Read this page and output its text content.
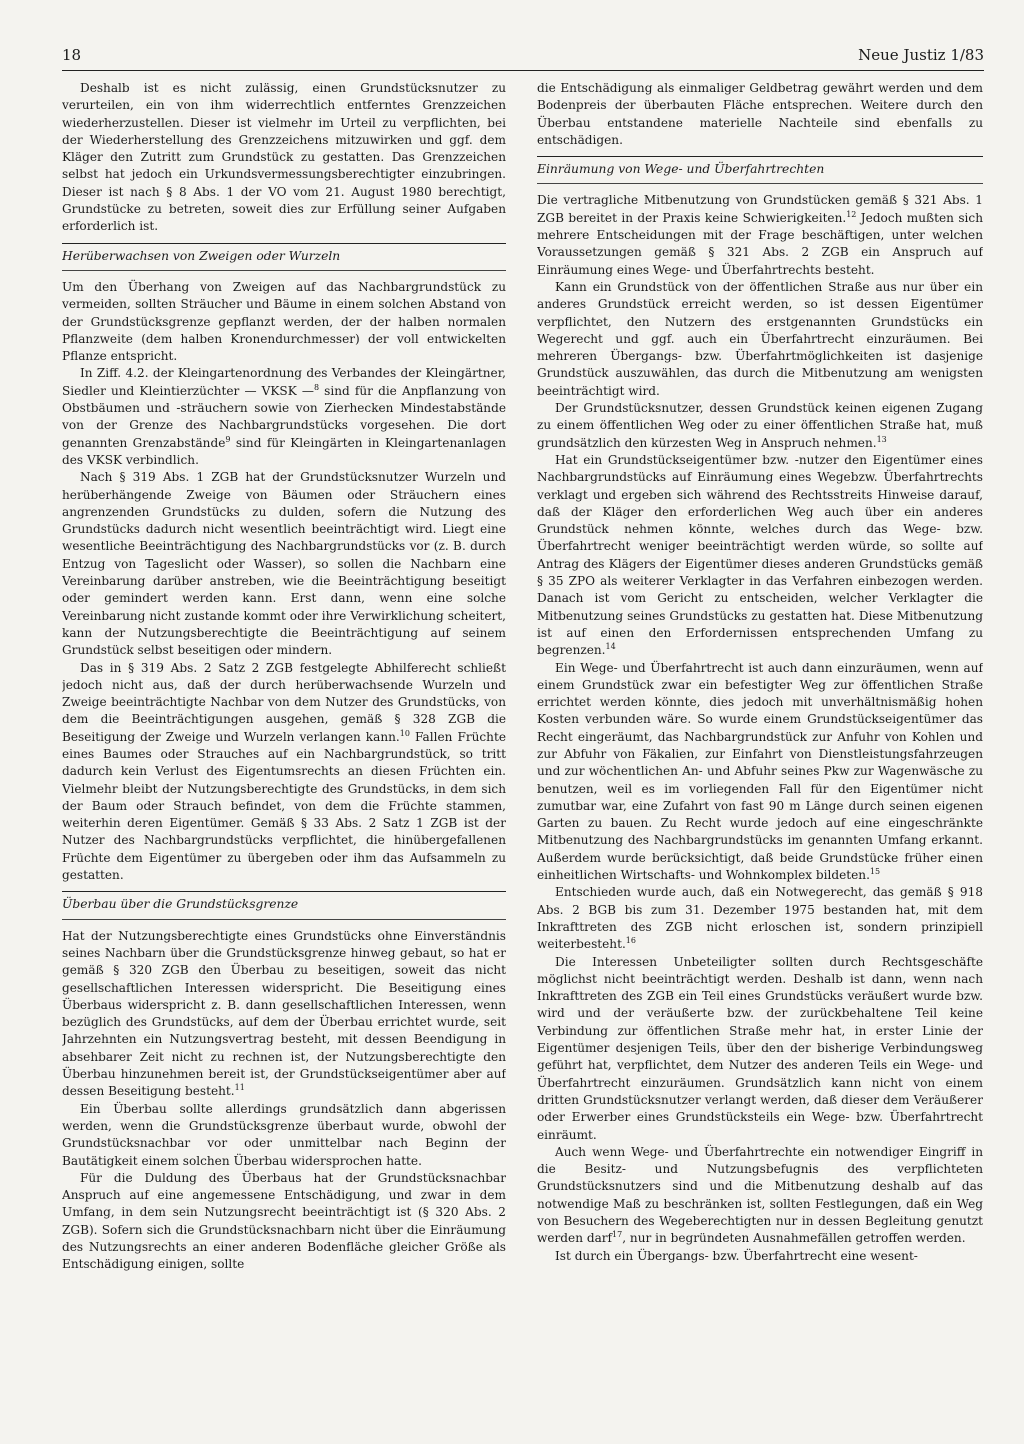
18	Neue Justiz 1/83

Deshalb ist es nicht zulässig, einen Grundstücksnutzer zu verurteilen, ein von ihm widerrechtlich entferntes Grenzzeichen wiederherzustellen. Dieser ist vielmehr im Urteil zu verpflichten, bei der Wiederherstellung des Grenzzeichens mitzuwirken und ggf. dem Kläger den Zutritt zum Grundstück zu gestatten. Das Grenzzeichen selbst hat jedoch ein Urkundsvermessungsberechtigter einzubringen. Dieser ist nach § 8 Abs. 1 der VO vom 21. August 1980 berechtigt, Grundstücke zu betreten, soweit dies zur Erfüllung seiner Aufgaben erforderlich ist.

Herüberwachsen von Zweigen oder Wurzeln

Um den Überhang von Zweigen auf das Nachbargrundstück zu vermeiden, sollten Sträucher und Bäume in einem solchen Abstand von der Grundstücksgrenze gepflanzt werden, der der halben normalen Pflanzweite (dem halben Kronendurchmesser) der voll entwickelten Pflanze entspricht.

In Ziff. 4.2. der Kleingartenordnung des Verbandes der Kleingärtner, Siedler und Kleintierzüchter — VKSK —$^8$ sind für die Anpflanzung von Obstbäumen und -sträuchern sowie von Zierhecken Mindestabstände von der Grenze des Nachbargrundstücks vorgesehen. Die dort genannten Grenzabstände$^9$ sind für Kleingärten in Kleingartenanlagen des VKSK verbindlich.

Nach § 319 Abs. 1 ZGB hat der Grundstücksnutzer Wurzeln und herüberhängende Zweige von Bäumen oder Sträuchern eines angrenzenden Grundstücks zu dulden, sofern die Nutzung des Grundstücks dadurch nicht wesentlich beeinträchtigt wird. Liegt eine wesentliche Beeinträchtigung des Nachbargrundstücks vor (z. B. durch Entzug von Tageslicht oder Wasser), so sollen die Nachbarn eine Vereinbarung darüber anstreben, wie die Beeinträchtigung beseitigt oder gemindert werden kann. Erst dann, wenn eine solche Vereinbarung nicht zustande kommt oder ihre Verwirklichung scheitert, kann der Nutzungsberechtigte die Beeinträchtigung auf seinem Grundstück selbst beseitigen oder mindern.

Das in § 319 Abs. 2 Satz 2 ZGB festgelegte Abhilferecht schließt jedoch nicht aus, daß der durch herüberwachsende Wurzeln und Zweige beeinträchtigte Nachbar von dem Nutzer des Grundstücks, von dem die Beeinträchtigungen ausgehen, gemäß § 328 ZGB die Beseitigung der Zweige und Wurzeln verlangen kann.$^{10}$ Fallen Früchte eines Baumes oder Strauches auf ein Nachbargrundstück, so tritt dadurch kein Verlust des Eigentumsrechts an diesen Früchten ein. Vielmehr bleibt der Nutzungsberechtigte des Grundstücks, in dem sich der Baum oder Strauch befindet, von dem die Früchte stammen, weiterhin deren Eigentümer. Gemäß § 33 Abs. 2 Satz 1 ZGB ist der Nutzer des Nachbargrundstücks verpflichtet, die hinübergefallenen Früchte dem Eigentümer zu übergeben oder ihm das Aufsammeln zu gestatten.

Überbau über die Grundstücksgrenze

Hat der Nutzungsberechtigte eines Grundstücks ohne Einverständnis seines Nachbarn über die Grundstücksgrenze hinweg gebaut, so hat er gemäß § 320 ZGB den Überbau zu beseitigen, soweit das nicht gesellschaftlichen Interessen widerspricht. Die Beseitigung eines Überbaus widerspricht z. B. dann gesellschaftlichen Interessen, wenn bezüglich des Grundstücks, auf dem der Überbau errichtet wurde, seit Jahrzehnten ein Nutzungsvertrag besteht, mit dessen Beendigung in absehbarer Zeit nicht zu rechnen ist, der Nutzungsberechtigte den Überbau hinzunehmen bereit ist, der Grundstückseigentümer aber auf dessen Beseitigung besteht.$^{11}$

Ein Überbau sollte allerdings grundsätzlich dann abgerissen werden, wenn die Grundstücksgrenze überbaut wurde, obwohl der Grundstücksnachbar vor oder unmittelbar nach Beginn der Bautätigkeit einem solchen Überbau widersprochen hatte.

Für die Duldung des Überbaus hat der Grundstücksnachbar Anspruch auf eine angemessene Entschädigung, und zwar in dem Umfang, in dem sein Nutzungsrecht beeinträchtigt ist (§ 320 Abs. 2 ZGB). Sofern sich die Grundstücksnachbarn nicht über die Einräumung des Nutzungsrechts an einer anderen Bodenfläche gleicher Größe als Entschädigung einigen, sollte

die Entschädigung als einmaliger Geldbetrag gewährt werden und dem Bodenpreis der überbauten Fläche entsprechen. Weitere durch den Überbau entstandene materielle Nachteile sind ebenfalls zu entschädigen.

Einräumung von Wege- und Überfahrtrechten

Die vertragliche Mitbenutzung von Grundstücken gemäß § 321 Abs. 1 ZGB bereitet in der Praxis keine Schwierigkeiten.$^{12}$ Jedoch mußten sich mehrere Entscheidungen mit der Frage beschäftigen, unter welchen Voraussetzungen gemäß § 321 Abs. 2 ZGB ein Anspruch auf Einräumung eines Wege- und Überfahrtrechts besteht.

Kann ein Grundstück von der öffentlichen Straße aus nur über ein anderes Grundstück erreicht werden, so ist dessen Eigentümer verpflichtet, den Nutzern des erstgenannten Grundstücks ein Wegerecht und ggf. auch ein Überfahrtrecht einzuräumen. Bei mehreren Übergangs- bzw. Überfahrtmöglichkeiten ist dasjenige Grundstück auszuwählen, das durch die Mitbenutzung am wenigsten beeinträchtigt wird.

Der Grundstücksnutzer, dessen Grundstück keinen eigenen Zugang zu einem öffentlichen Weg oder zu einer öffentlichen Straße hat, muß grundsätzlich den kürzesten Weg in Anspruch nehmen.$^{13}$

Hat ein Grundstückseigentümer bzw. -nutzer den Eigentümer eines Nachbargrundstücks auf Einräumung eines Wegebzw. Überfahrtrechts verklagt und ergeben sich während des Rechtsstreits Hinweise darauf, daß der Kläger den erforderlichen Weg auch über ein anderes Grundstück nehmen könnte, welches durch das Wege- bzw. Überfahrtrecht weniger beeinträchtigt werden würde, so sollte auf Antrag des Klägers der Eigentümer dieses anderen Grundstücks gemäß § 35 ZPO als weiterer Verklagter in das Verfahren einbezogen werden. Danach ist vom Gericht zu entscheiden, welcher Verklagter die Mitbenutzung seines Grundstücks zu gestatten hat. Diese Mitbenutzung ist auf einen den Erfordernissen entsprechenden Umfang zu begrenzen.$^{14}$

Ein Wege- und Überfahrtrecht ist auch dann einzuräumen, wenn auf einem Grundstück zwar ein befestigter Weg zur öffentlichen Straße errichtet werden könnte, dies jedoch mit unverhältnismäßig hohen Kosten verbunden wäre. So wurde einem Grundstückseigentümer das Recht eingeräumt, das Nachbargrundstück zur Anfuhr von Kohlen und zur Abfuhr von Fäkalien, zur Einfahrt von Dienstleistungsfahrzeugen und zur wöchentlichen An- und Abfuhr seines Pkw zur Wagenwäsche zu benutzen, weil es im vorliegenden Fall für den Eigentümer nicht zumutbar war, eine Zufahrt von fast 90 m Länge durch seinen eigenen Garten zu bauen. Zu Recht wurde jedoch auf eine eingeschränkte Mitbenutzung des Nachbargrundstücks im genannten Umfang erkannt. Außerdem wurde berücksichtigt, daß beide Grundstücke früher einen einheitlichen Wirtschafts- und Wohnkomplex bildeten.$^{15}$

Entschieden wurde auch, daß ein Notwegerecht, das gemäß § 918 Abs. 2 BGB bis zum 31. Dezember 1975 bestanden hat, mit dem Inkrafttreten des ZGB nicht erloschen ist, sondern prinzipiell weiterbesteht.$^{16}$

Die Interessen Unbeteiligter sollten durch Rechtsgeschäfte möglichst nicht beeinträchtigt werden. Deshalb ist dann, wenn nach Inkrafttreten des ZGB ein Teil eines Grundstücks veräußert wurde bzw. wird und der veräußerte bzw. der zurückbehaltene Teil keine Verbindung zur öffentlichen Straße mehr hat, in erster Linie der Eigentümer desjenigen Teils, über den der bisherige Verbindungsweg geführt hat, verpflichtet, dem Nutzer des anderen Teils ein Wege- und Überfahrtrecht einzuräumen. Grundsätzlich kann nicht von einem dritten Grundstücksnutzer verlangt werden, daß dieser dem Veräußerer oder Erwerber eines Grundstücksteils ein Wege- bzw. Überfahrtrecht einräumt.

Auch wenn Wege- und Überfahrtrechte ein notwendiger Eingriff in die Besitz- und Nutzungsbefugnis des verpflichteten Grundstücksnutzers sind und die Mitbenutzung deshalb auf das notwendige Maß zu beschränken ist, sollten Festlegungen, daß ein Weg von Besuchern des Wegeberechtigten nur in dessen Begleitung genutzt werden darf$^{17}$, nur in begründeten Ausnahmefällen getroffen werden.

Ist durch ein Übergangs- bzw. Überfahrtrecht eine wesent-
